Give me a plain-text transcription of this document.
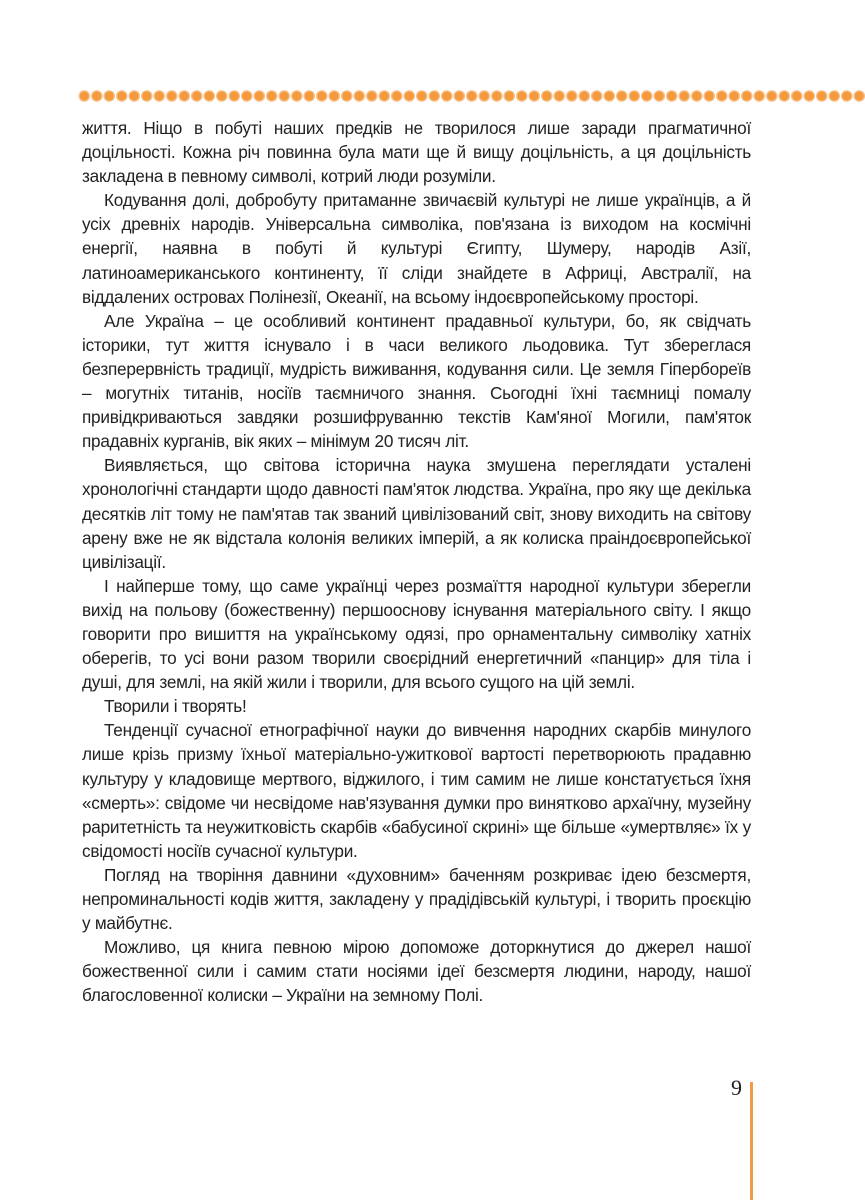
життя. Ніщо в побуті наших предків не творилося лише заради прагматичної доцільності. Кожна річ повинна була мати ще й вищу доцільність, а ця доцільність закладена в певному символі, котрий люди розуміли.

Кодування долі, добробуту притаманне звичаєвій культурі не лише українців, а й усіх древніх народів. Універсальна символіка, пов'язана із виходом на космічні енергії, наявна в побуті й культурі Єгипту, Шумеру, народів Азії, латиноамериканського континенту, її сліди знайдете в Африці, Австралії, на віддалених островах Полінезії, Океанії, на всьому індоєвропейському просторі.

Але Україна – це особливий континент прадавньої культури, бо, як свідчать історики, тут життя існувало і в часи великого льодовика. Тут збереглася безперервність традиції, мудрість виживання, кодування сили. Це земля Гіпербореїв – могутніх титанів, носіїв таємничого знання. Сьогодні їхні таємниці помалу привідкриваються завдяки розшифруванню текстів Кам'яної Могили, пам'яток прадавніх курганів, вік яких – мінімум 20 тисяч літ.

Виявляється, що світова історична наука змушена переглядати усталені хронологічні стандарти щодо давності пам'яток людства. Україна, про яку ще декілька десятків літ тому не пам'ятав так званий цивілізований світ, знову виходить на світову арену вже не як відстала колонія великих імперій, а як колиска праіндоєвропейської цивілізації.

І найперше тому, що саме українці через розмаїття народної культури зберегли вихід на польову (божественну) першооснову існування матеріального світу. І якщо говорити про вишиття на українському одязі, про орнаментальну символіку хатніх оберегів, то усі вони разом творили своєрідний енергетичний «панцир» для тіла і душі, для землі, на якій жили і творили, для всього сущого на цій землі.

Творили і творять!

Тенденції сучасної етнографічної науки до вивчення народних скарбів минулого лише крізь призму їхньої матеріально-ужиткової вартості перетворюють прадавню культуру у кладовище мертвого, віджилого, і тим самим не лише констатується їхня «смерть»: свідоме чи несвідоме нав'язування думки про винятково архаїчну, музейну раритетність та неужитковість скарбів «бабусиної скрині» ще більше «умертвляє» їх у свідомості носіїв сучасної культури.

Погляд на творіння давнини «духовним» баченням розкриває ідею безсмертя, непроминальності кодів життя, закладену у прадідівській культурі, і творить проєкцію у майбутнє.

Можливо, ця книга певною мірою допоможе доторкнутися до джерел нашої божественної сили і самим стати носіями ідеї безсмертя людини, народу, нашої благословенної колиски – України на земному Полі.

9
